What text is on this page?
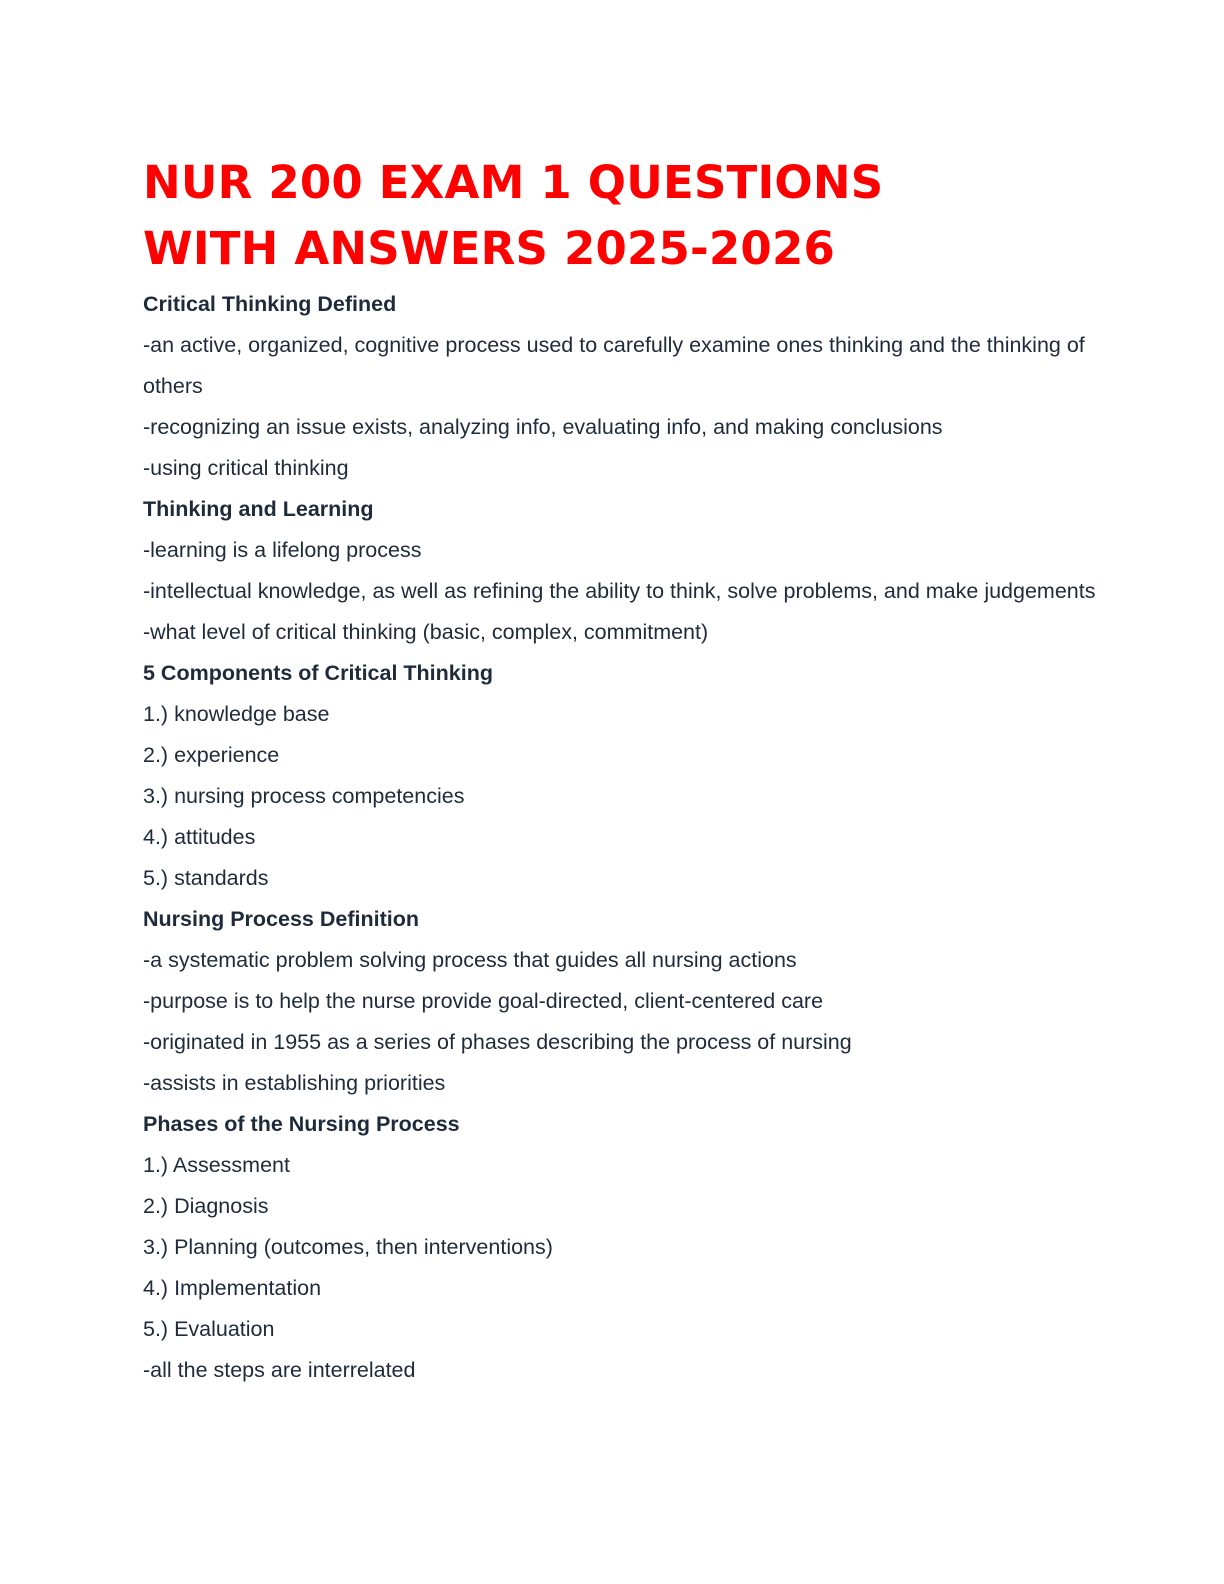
NUR 200 EXAM 1 QUESTIONS
WITH ANSWERS 2025-2026

Critical Thinking Defined

-an active, organized, cognitive process used to carefully examine ones thinking and the thinking of others

-recognizing an issue exists, analyzing info, evaluating info, and making conclusions

-using critical thinking

Thinking and Learning

-learning is a lifelong process

-intellectual knowledge, as well as refining the ability to think, solve problems, and make judgements

-what level of critical thinking (basic, complex, commitment)

5 Components of Critical Thinking

1.) knowledge base

2.) experience

3.) nursing process competencies

4.) attitudes

5.) standards

Nursing Process Definition

-a systematic problem solving process that guides all nursing actions

-purpose is to help the nurse provide goal-directed, client-centered care

-originated in 1955 as a series of phases describing the process of nursing

-assists in establishing priorities

Phases of the Nursing Process

1.) Assessment

2.) Diagnosis

3.) Planning (outcomes, then interventions)

4.) Implementation

5.) Evaluation

-all the steps are interrelated
